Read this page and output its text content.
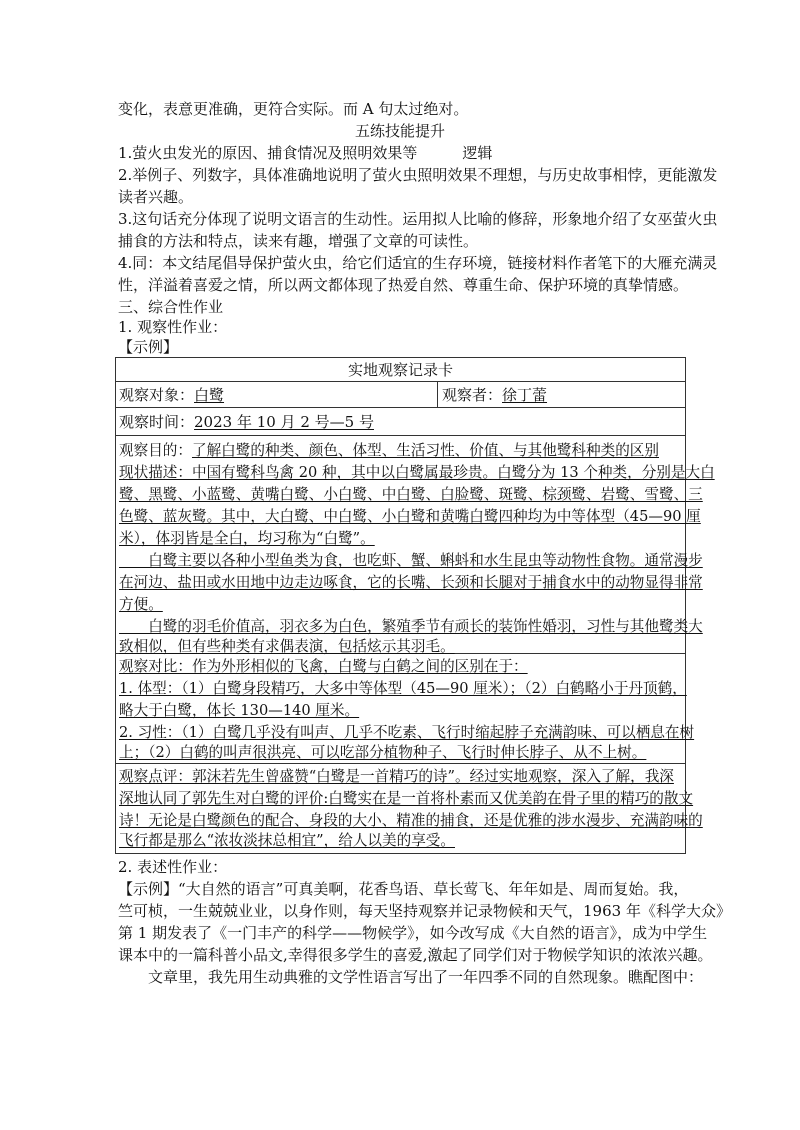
变化，表意更准确，更符合实际。而 A 句太过绝对。
五练技能提升
1.萤火虫发光的原因、捕食情况及照明效果等　　　逻辑
2.举例子、列数字，具体准确地说明了萤火虫照明效果不理想，与历史故事相悖，更能激发
读者兴趣。
3.这句话充分体现了说明文语言的生动性。运用拟人比喻的修辞，形象地介绍了女巫萤火虫
捕食的方法和特点，读来有趣，增强了文章的可读性。
4.同：本文结尾倡导保护萤火虫，给它们适宜的生存环境，链接材料作者笔下的大雁充满灵
性，洋溢着喜爱之情，所以两文都体现了热爱自然、尊重生命、保护环境的真挚情感。
三、综合性作业
1. 观察性作业：
【示例】
实地观察记录卡
观察对象：白鹭	观察者：徐丁蕾
观察时间：2023 年 10 月 2 号—5 号
观察目的：了解白鹭的种类、颜色、体型、生活习性、价值、与其他鹭科种类的区别
现状描述：中国有鹭科鸟禽 20 种，其中以白鹭属最珍贵。白鹭分为 13 个种类，分别是大白
鹭、黑鹭、小蓝鹭、黄嘴白鹭、小白鹭、中白鹭、白脸鹭、斑鹭、棕颈鹭、岩鹭、雪鹭、三
色鹭、蓝灰鹭。其中，大白鹭、中白鹭、小白鹭和黄嘴白鹭四种均为中等体型（45—90 厘
米），体羽皆是全白，均习称为“白鹭”。
　　白鹭主要以各种小型鱼类为食，也吃虾、蟹、蝌蚪和水生昆虫等动物性食物。通常漫步
在河边、盐田或水田地中边走边啄食，它的长嘴、长颈和长腿对于捕食水中的动物显得非常
方便。
　　白鹭的羽毛价值高，羽衣多为白色，繁殖季节有顽长的装饰性婚羽，习性与其他鹭类大
致相似，但有些种类有求偶表演，包括炫示其羽毛。
观察对比：作为外形相似的飞禽，白鹭与白鹤之间的区别在于：
1. 体型：（1）白鹭身段精巧，大多中等体型（45—90 厘米）；（2）白鹤略小于丹顶鹤，
略大于白鹭，体长 130—140 厘米。
2. 习性：（1）白鹭几乎没有叫声、几乎不吃素、飞行时缩起脖子充满韵味、可以栖息在树
上；（2）白鹤的叫声很洪亮、可以吃部分植物种子、飞行时伸长脖子、从不上树。
观察点评：郭沫若先生曾盛赞“白鹭是一首精巧的诗”。经过实地观察，深入了解，我深
深地认同了郭先生对白鹭的评价:白鹭实在是一首将朴素而又优美韵在骨子里的精巧的散文
诗！无论是白鹭颜色的配合、身段的大小、精准的捕食，还是优雅的涉水漫步、充满韵味的
飞行都是那么“浓妆淡抹总相宜”，给人以美的享受。
2. 表述性作业：
【示例】“大自然的语言”可真美啊，花香鸟语、草长莺飞、年年如是、周而复始。我，
竺可桢，一生兢兢业业，以身作则，每天坚持观察并记录物候和天气，1963 年《科学大众》
第 1 期发表了《一门丰产的科学——物候学》，如今改写成《大自然的语言》，成为中学生
课本中的一篇科普小品文,幸得很多学生的喜爱,激起了同学们对于物候学知识的浓浓兴趣。
　　文章里，我先用生动典雅的文学性语言写出了一年四季不同的自然现象。瞧配图中：
